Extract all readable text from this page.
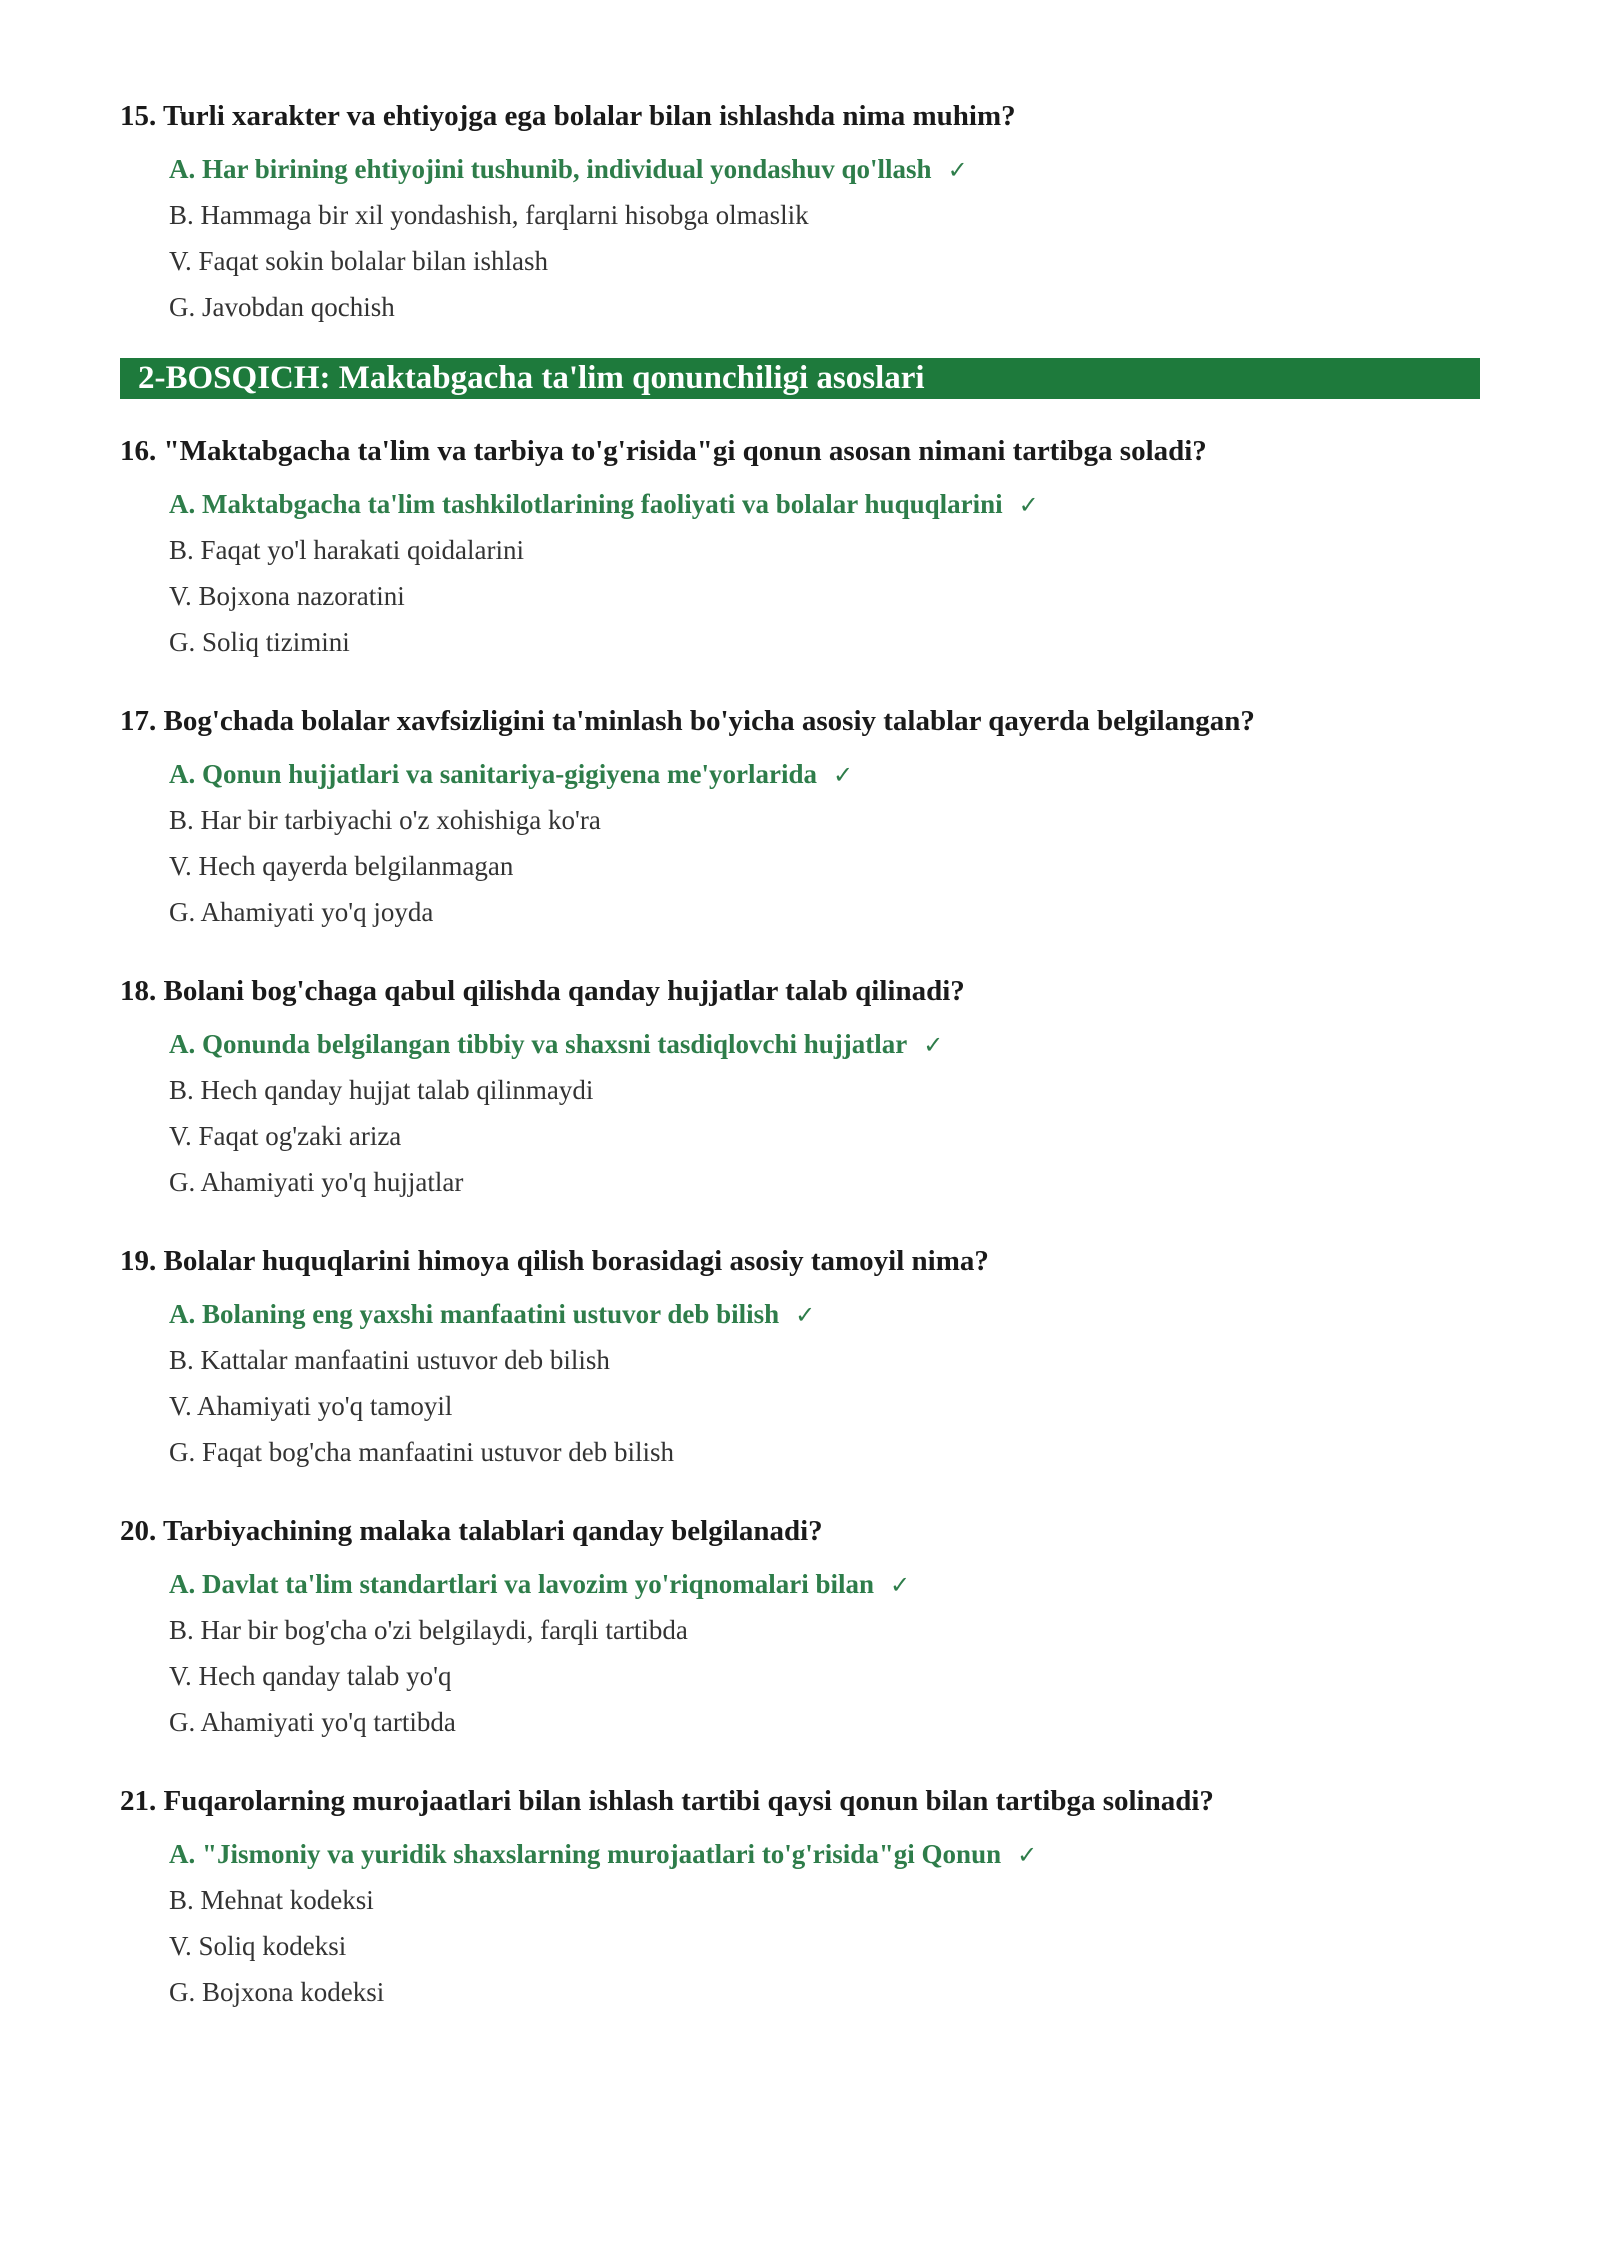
15. Turli xarakter va ehtiyojga ega bolalar bilan ishlashda nima muhim?
A. Har birining ehtiyojini tushunib, individual yondashuv qo'llash ✓
B. Hammaga bir xil yondashish, farqlarni hisobga olmaslik
V. Faqat sokin bolalar bilan ishlash
G. Javobdan qochish
2-BOSQICH: Maktabgacha ta'lim qonunchiligi asoslari
16. "Maktabgacha ta'lim va tarbiya to'g'risida"gi qonun asosan nimani tartibga soladi?
A. Maktabgacha ta'lim tashkilotlarining faoliyati va bolalar huquqlarini ✓
B. Faqat yo'l harakati qoidalarini
V. Bojxona nazoratini
G. Soliq tizimini
17. Bog'chada bolalar xavfsizligini ta'minlash bo'yicha asosiy talablar qayerda belgilangan?
A. Qonun hujjatlari va sanitariya-gigiyena me'yorlarida ✓
B. Har bir tarbiyachi o'z xohishiga ko'ra
V. Hech qayerda belgilanmagan
G. Ahamiyati yo'q joyda
18. Bolani bog'chaga qabul qilishda qanday hujjatlar talab qilinadi?
A. Qonunda belgilangan tibbiy va shaxsni tasdiqlovchi hujjatlar ✓
B. Hech qanday hujjat talab qilinmaydi
V. Faqat og'zaki ariza
G. Ahamiyati yo'q hujjatlar
19. Bolalar huquqlarini himoya qilish borasidagi asosiy tamoyil nima?
A. Bolaning eng yaxshi manfaatini ustuvor deb bilish ✓
B. Kattalar manfaatini ustuvor deb bilish
V. Ahamiyati yo'q tamoyil
G. Faqat bog'cha manfaatini ustuvor deb bilish
20. Tarbiyachining malaka talablari qanday belgilanadi?
A. Davlat ta'lim standartlari va lavozim yo'riqnomalari bilan ✓
B. Har bir bog'cha o'zi belgilaydi, farqli tartibda
V. Hech qanday talab yo'q
G. Ahamiyati yo'q tartibda
21. Fuqarolarning murojaatlari bilan ishlash tartibi qaysi qonun bilan tartibga solinadi?
A. "Jismoniy va yuridik shaxslarning murojaatlari to'g'risida"gi Qonun ✓
B. Mehnat kodeksi
V. Soliq kodeksi
G. Bojxona kodeksi
